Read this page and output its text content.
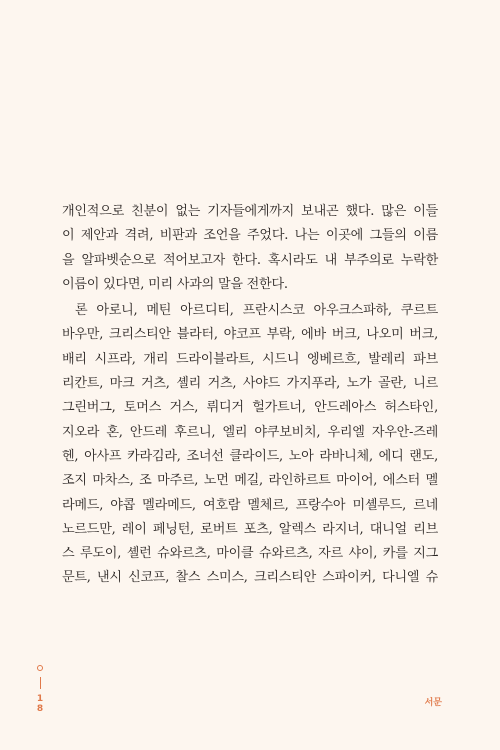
개인적으로 친분이 없는 기자들에게까지 보내곤 했다. 많은 이들
이 제안과 격려, 비판과 조언을 주었다. 나는 이곳에 그들의 이름
을 알파벳순으로 적어보고자 한다. 혹시라도 내 부주의로 누락한
이름이 있다면, 미리 사과의 말을 전한다.
론 아로니, 메틴 아르디티, 프란시스코 아우크스파하, 쿠르트
바우만, 크리스티안 블라터, 야코프 부락, 에바 버크, 나오미 버크,
배리 시프라, 개리 드라이블라트, 시드니 엥베르흐, 발레리 파브
리칸트, 마크 거츠, 셸리 거츠, 사야드 가지푸라, 노가 골란, 니르
그린버그, 토머스 거스, 뤼디거 헐가트너, 안드레아스 허스타인,
지오라 혼, 안드레 후르니, 엘리 야쿠보비치, 우리엘 자우안-즈레
헨, 아사프 카라김라, 조너선 클라이드, 노아 라바니체, 에디 랜도,
조지 마차스, 조 마주르, 노먼 메길, 라인하르트 마이어, 에스터 멜
라메드, 야콥 멜라메드, 여호람 멜체르, 프랑수아 미셸루드, 르네
노르드만, 레이 페닝턴, 로버트 포츠, 알렉스 라지너, 대니얼 리브
스 루도이, 셸런 슈와르츠, 마이클 슈와르츠, 자르 샤이, 카를 지그
문트, 낸시 신코프, 찰스 스미스, 크리스티안 스파이커, 다니엘 슈
1
8
서문
